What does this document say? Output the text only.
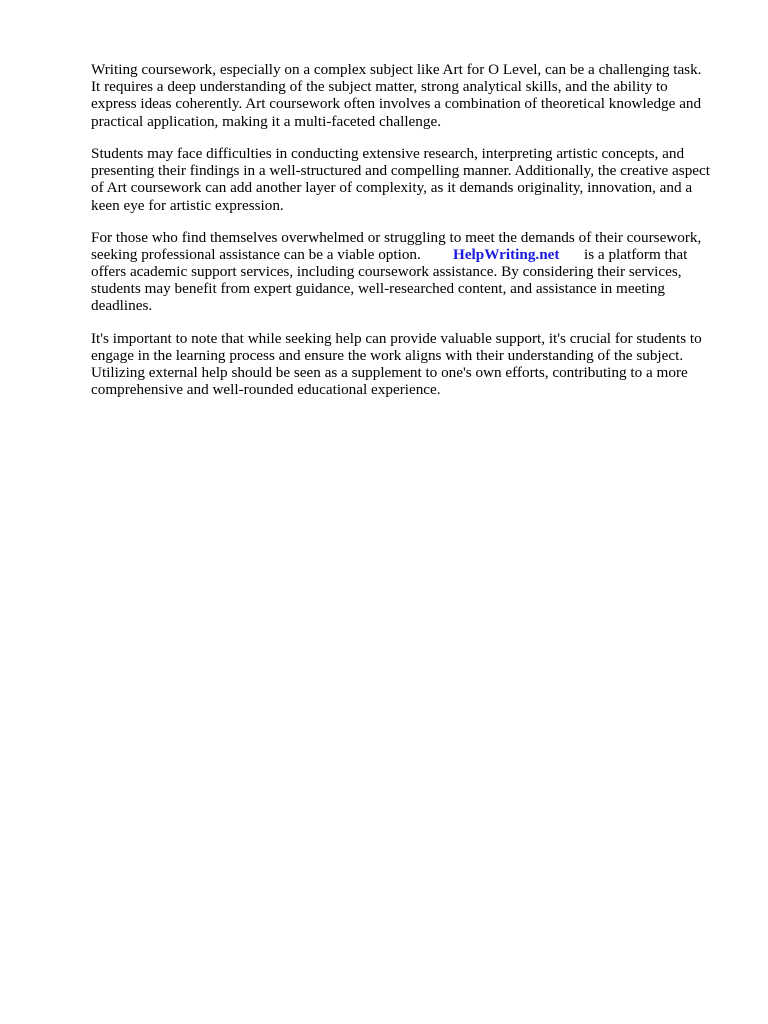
Writing coursework, especially on a complex subject like Art for O Level, can be a challenging task.

It requires a deep understanding of the subject matter, strong analytical skills, and the ability to

express ideas coherently. Art coursework often involves a combination of theoretical knowledge and

practical application, making it a multi-faceted challenge.

Students may face difficulties in conducting extensive research, interpreting artistic concepts, and

presenting their findings in a well-structured and compelling manner. Additionally, the creative aspect

of Art coursework can add another layer of complexity, as it demands originality, innovation, and a

keen eye for artistic expression.

For those who find themselves overwhelmed or struggling to meet the demands of their coursework,

seeking professional assistance can be a viable option. HelpWriting.net is a platform that

offers academic support services, including coursework assistance. By considering their services,

students may benefit from expert guidance, well-researched content, and assistance in meeting

deadlines.

It's important to note that while seeking help can provide valuable support, it's crucial for students to

engage in the learning process and ensure the work aligns with their understanding of the subject.

Utilizing external help should be seen as a supplement to one's own efforts, contributing to a more

comprehensive and well-rounded educational experience.
